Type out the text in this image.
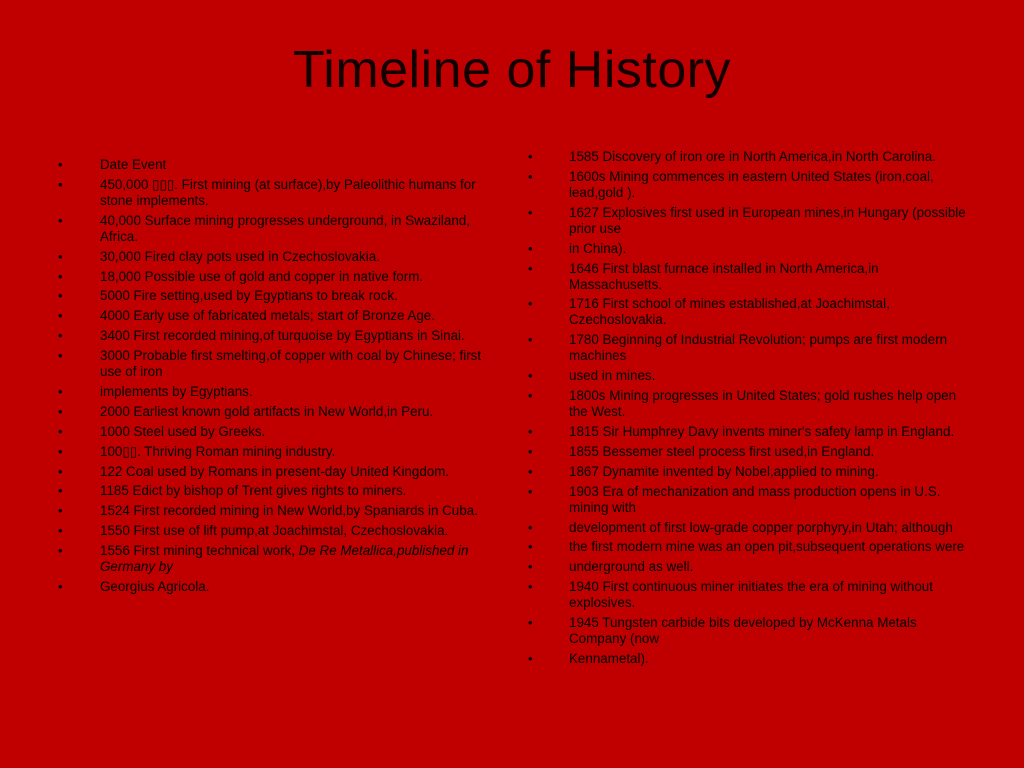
Timeline of History
• Date Event
• 450,000 ▯▯▯. First mining (at surface),by Paleolithic humans for stone implements.
• 40,000 Surface mining progresses underground, in Swaziland, Africa.
• 30,000 Fired clay pots used in Czechoslovakia.
• 18,000 Possible use of gold and copper in native form.
• 5000 Fire setting,used by Egyptians to break rock.
• 4000 Early use of fabricated metals; start of Bronze Age.
• 3400 First recorded mining,of turquoise by Egyptians in Sinai.
• 3000 Probable first smelting,of copper with coal by Chinese; first use of iron
• implements by Egyptians.
• 2000 Earliest known gold artifacts in New World,in Peru.
• 1000 Steel used by Greeks.
• 100▯▯. Thriving Roman mining industry.
• 122 Coal used by Romans in present-day United Kingdom.
• 1185 Edict by bishop of Trent gives rights to miners.
• 1524 First recorded mining in New World,by Spaniards in Cuba.
• 1550 First use of lift pump,at Joachimstal, Czechoslovakia.
• 1556 First mining technical work, De Re Metallica,published in Germany by
• Georgius Agricola.
• 1585 Discovery of iron ore in North America,in North Carolina.
• 1600s Mining commences in eastern United States (iron,coal, lead,gold ).
• 1627 Explosives first used in European mines,in Hungary (possible prior use
• in China).
• 1646 First blast furnace installed in North America,in Massachusetts.
• 1716 First school of mines established,at Joachimstal, Czechoslovakia.
• 1780 Beginning of Industrial Revolution; pumps are first modern machines
• used in mines.
• 1800s Mining progresses in United States; gold rushes help open the West.
• 1815 Sir Humphrey Davy invents miner's safety lamp in England.
• 1855 Bessemer steel process first used,in England.
• 1867 Dynamite invented by Nobel,applied to mining.
• 1903 Era of mechanization and mass production opens in U.S. mining with
• development of first low-grade copper porphyry,in Utah; although
• the first modern mine was an open pit,subsequent operations were
• underground as well.
• 1940 First continuous miner initiates the era of mining without explosives.
• 1945 Tungsten carbide bits developed by McKenna Metals Company (now
• Kennametal).
